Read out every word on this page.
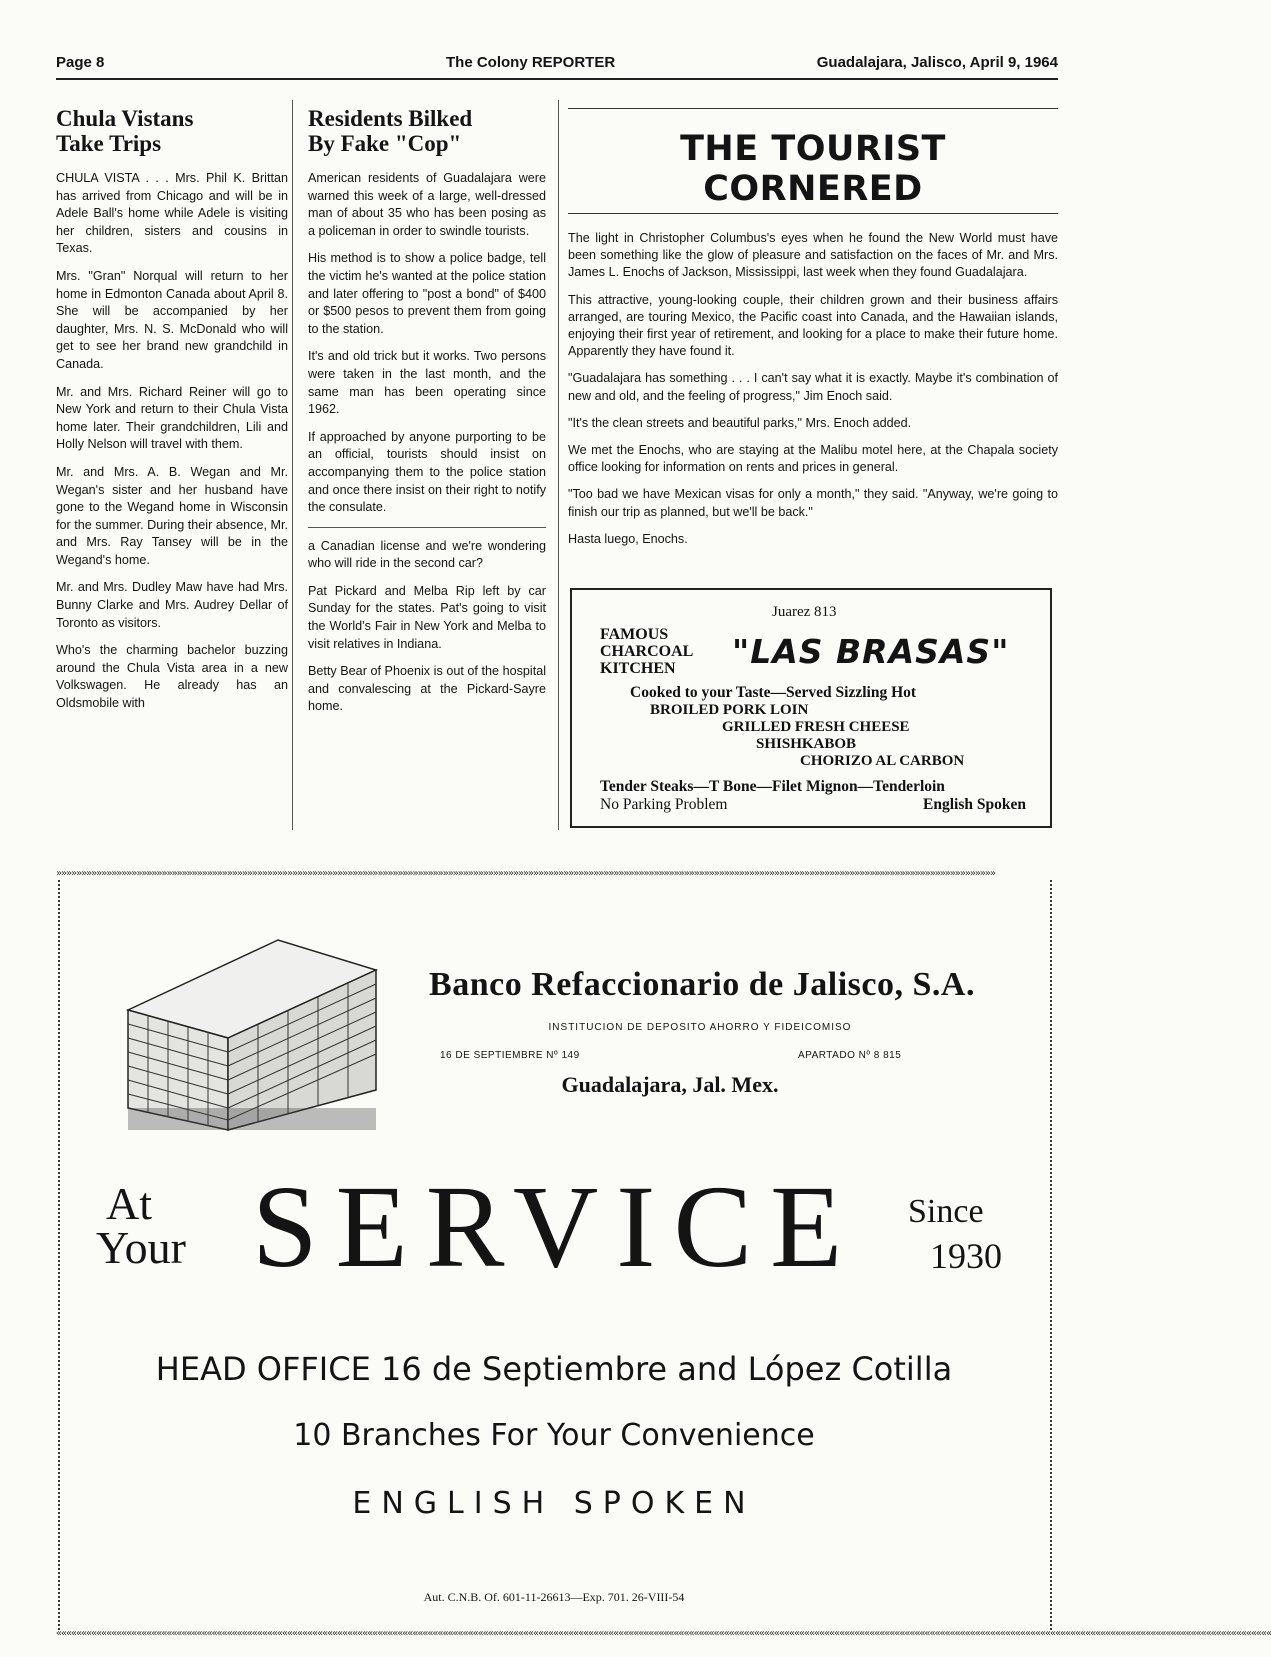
Page 8	The Colony REPORTER	Guadalajara, Jalisco, April 9, 1964
Chula Vistans
Take Trips

CHULA VISTA . . . Mrs. Phil K. Brittan has arrived from Chicago and will be in Adele Ball's home while Adele is visiting her children, sisters and cousins in Texas.

Mrs. "Gran" Norqual will return to her home in Edmonton Canada about April 8. She will be accompanied by her daughter, Mrs. N. S. McDonald who will get to see her brand new grandchild in Canada.

Mr. and Mrs. Richard Reiner will go to New York and return to their Chula Vista home later. Their grandchildren, Lili and Holly Nelson will travel with them.

Mr. and Mrs. A. B. Wegan and Mr. Wegan's sister and her husband have gone to the Wegand home in Wisconsin for the summer. During their absence, Mr. and Mrs. Ray Tansey will be in the Wegand's home.

Mr. and Mrs. Dudley Maw have had Mrs. Bunny Clarke and Mrs. Audrey Dellar of Toronto as visitors.

Who's the charming bachelor buzzing around the Chula Vista area in a new Volkswagen. He already has an Oldsmobile with

Residents Bilked
By Fake "Cop"

American residents of Guadalajara were warned this week of a large, well-dressed man of about 35 who has been posing as a policeman in order to swindle tourists.

His method is to show a police badge, tell the victim he's wanted at the police station and later offering to "post a bond" of $400 or $500 pesos to prevent them from going to the station.

It's and old trick but it works. Two persons were taken in the last month, and the same man has been operating since 1962.

If approached by anyone purporting to be an official, tourists should insist on accompanying them to the police station and once there insist on their right to notify the consulate.

a Canadian license and we're wondering who will ride in the second car?

Pat Pickard and Melba Rip left by car Sunday for the states. Pat's going to visit the World's Fair in New York and Melba to visit relatives in Indiana.

Betty Bear of Phoenix is out of the hospital and convalescing at the Pickard-Sayre home.

THE TOURIST CORNERED

The light in Christopher Columbus's eyes when he found the New World must have been something like the glow of pleasure and satisfaction on the faces of Mr. and Mrs. James L. Enochs of Jackson, Mississippi, last week when they found Guadalajara.

This attractive, young-looking couple, their children grown and their business affairs arranged, are touring Mexico, the Pacific coast into Canada, and the Hawaiian islands, enjoying their first year of retirement, and looking for a place to make their future home. Apparently they have found it.

"Guadalajara has something . . . I can't say what it is exactly. Maybe it's combination of new and old, and the feeling of progress," Jim Enoch said.

"It's the clean streets and beautiful parks," Mrs. Enoch added.

We met the Enochs, who are staying at the Malibu motel here, at the Chapala society office looking for information on rents and prices in general.

"Too bad we have Mexican visas for only a month," they said. "Anyway, we're going to finish our trip as planned, but we'll be back."

Hasta luego, Enochs.

Juarez 813
FAMOUS
CHARCOAL
KITCHEN	"LAS BRASAS"
Cooked to your Taste—Served Sizzling Hot
BROILED PORK LOIN
GRILLED FRESH CHEESE
SHISHKABOB
CHORIZO AL CARBON
Tender Steaks—T Bone—Filet Mignon—Tenderloin
No Parking Problem	English Spoken
»»»»»»»»»»»»»»»»»»»»»»»»»»»»»»»»»»»»»»»»»»»»»»»»»»»»»»»»»»»»»»»»»»»»»»»»»»»»»»»»»»»»»»»»»»»»»»»»»»»»»»»»»»»»»»»»»»»»»»»»»»»»»»»»»»»»»»»»»»»»»»»»»»»»»»»»»»»»»»»»»»»»»»»»»»»»»»»»»»»»»»»»»»»
««««««««««««««««««««««««««««««««««««««««««««««««««««««««««««««««««««««««««««««««««««««««««««««««««««««««««««««««««««««««««««««««««««««««««««««««««««««««««««««««««««««««««««««««««««««««««««««««««««««««««««««««««««««««««««««««««««««««««««««««««
Banco Refaccionario de Jalisco, S.A.
INSTITUCION DE DEPOSITO AHORRO Y FIDEICOMISO
16 DE SEPTIEMBRE Nº 149	APARTADO Nº 8 815
Guadalajara, Jal. Mex.
At
Your SERVICE Since
1930
HEAD OFFICE 16 de Septiembre and López Cotilla
10 Branches For Your Convenience
ENGLISH SPOKEN
Aut. C.N.B. Of. 601-11-26613—Exp. 701. 26-VIII-54
